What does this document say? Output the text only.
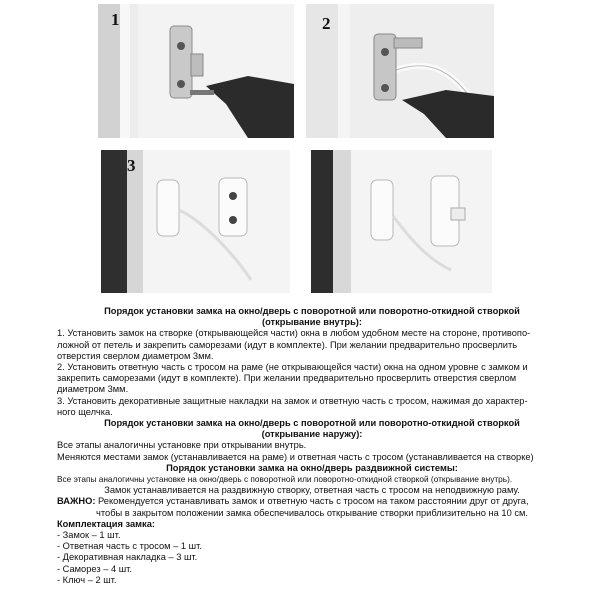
1	2
3

Порядок установки замка на окно/дверь с поворотной или поворотно-откидной створкой

(открывание внутрь):

1. Установить замок на створке (открывающейся части) окна в любом удобном месте на стороне, противопо-

ложной от петель и закрепить саморезами (идут в комплекте). При желании предварительно просверлить

отверстия сверлом диаметром 3мм.

2. Установить ответную часть с тросом на раме (не открывающейся части) окна на одном уровне с замком и

закрепить саморезами (идут в комплекте). При желании предварительно просверлить отверстия сверлом

диаметром 3мм.

3. Установить декоративные защитные накладки на замок и ответную часть с тросом, нажимая до характер-

ного щелчка.

Порядок установки замка на окно/дверь с поворотной или поворотно-откидной створкой

(открывание наружу):

Все этапы аналогичны установке при открывании внутрь.

Меняются местами замок (устанавливается на раме) и ответная часть с тросом (устанавливается на створке)

Порядок установки замка на окно/дверь раздвижной системы:

Все этапы аналогичны установке на окно/дверь с поворотной или поворотно-откидной створкой (открывание внутрь).

Замок устанавливается на раздвижную створку, ответная часть с тросом на неподвижную раму.

ВАЖНО: Рекомендуется устанавливать замок и ответную часть с тросом на таком расстоянии друг от друга,

чтобы в закрытом положении замка обеспечивалось открывание створки приблизительно на 10 см.

Комплектация замка:

- Замок – 1 шт.

- Ответная часть с тросом – 1 шт.

- Декоративная накладка – 3 шт.

- Саморез – 4 шт.

- Ключ – 2 шт.
